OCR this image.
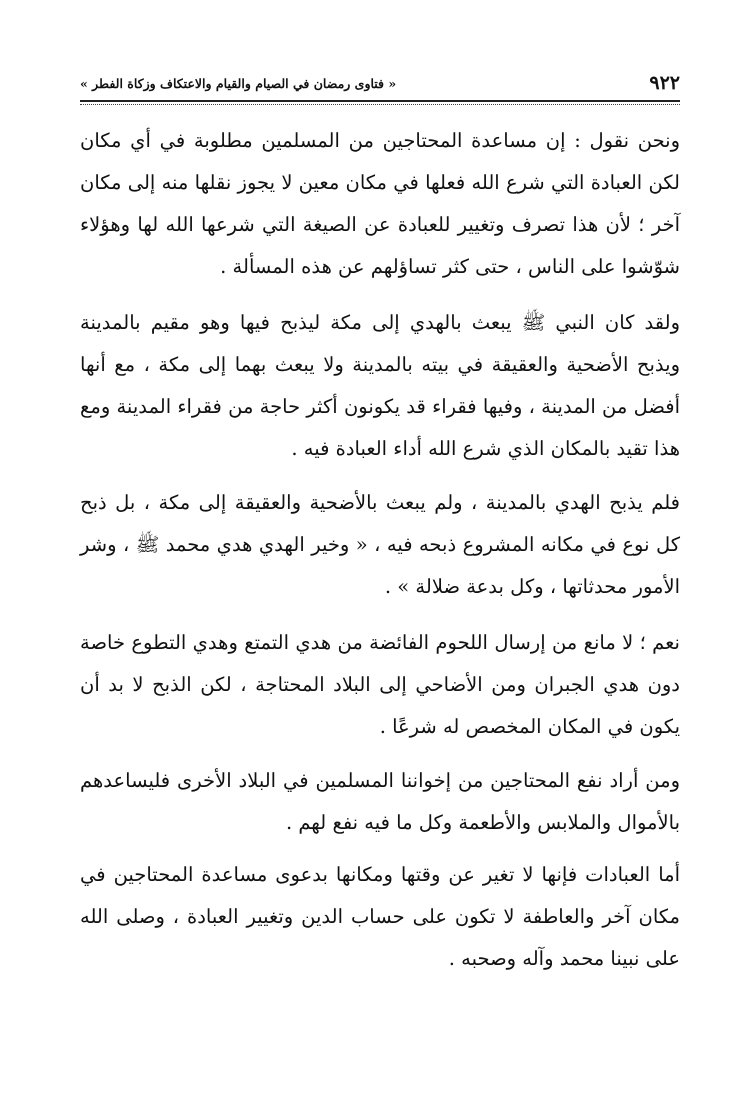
٩٢٢
« فتاوى رمضان في الصيام والقيام والاعتكاف وزكاة الفطر »

ونحن نقول : إن مساعدة المحتاجين من المسلمين مطلوبة في أي مكان لكن العبادة التي شرع الله فعلها في مكان معين لا يجوز نقلها منه إلى مكان آخر ؛ لأن هذا تصرف وتغيير للعبادة عن الصيغة التي شرعها الله لها وهؤلاء شوّشوا على الناس ، حتى كثر تساؤلهم عن هذه المسألة .

ولقد كان النبي ﷺ يبعث بالهدي إلى مكة ليذبح فيها وهو مقيم بالمدينة ويذبح الأضحية والعقيقة في بيته بالمدينة ولا يبعث بهما إلى مكة ، مع أنها أفضل من المدينة ، وفيها فقراء قد يكونون أكثر حاجة من فقراء المدينة ومع هذا تقيد بالمكان الذي شرع الله أداء العبادة فيه .

فلم يذبح الهدي بالمدينة ، ولم يبعث بالأضحية والعقيقة إلى مكة ، بل ذبح كل نوع في مكانه المشروع ذبحه فيه ، « وخير الهدي هدي محمد ﷺ ، وشر الأمور محدثاتها ، وكل بدعة ضلالة » .

نعم ؛ لا مانع من إرسال اللحوم الفائضة من هدي التمتع وهدي التطوع خاصة دون هدي الجبران ومن الأضاحي إلى البلاد المحتاجة ، لكن الذبح لا بد أن يكون في المكان المخصص له شرعًا .

ومن أراد نفع المحتاجين من إخواننا المسلمين في البلاد الأخرى فليساعدهم بالأموال والملابس والأطعمة وكل ما فيه نفع لهم .

أما العبادات فإنها لا تغير عن وقتها ومكانها بدعوى مساعدة المحتاجين في مكان آخر والعاطفة لا تكون على حساب الدين وتغيير العبادة ، وصلى الله على نبينا محمد وآله وصحبه .
